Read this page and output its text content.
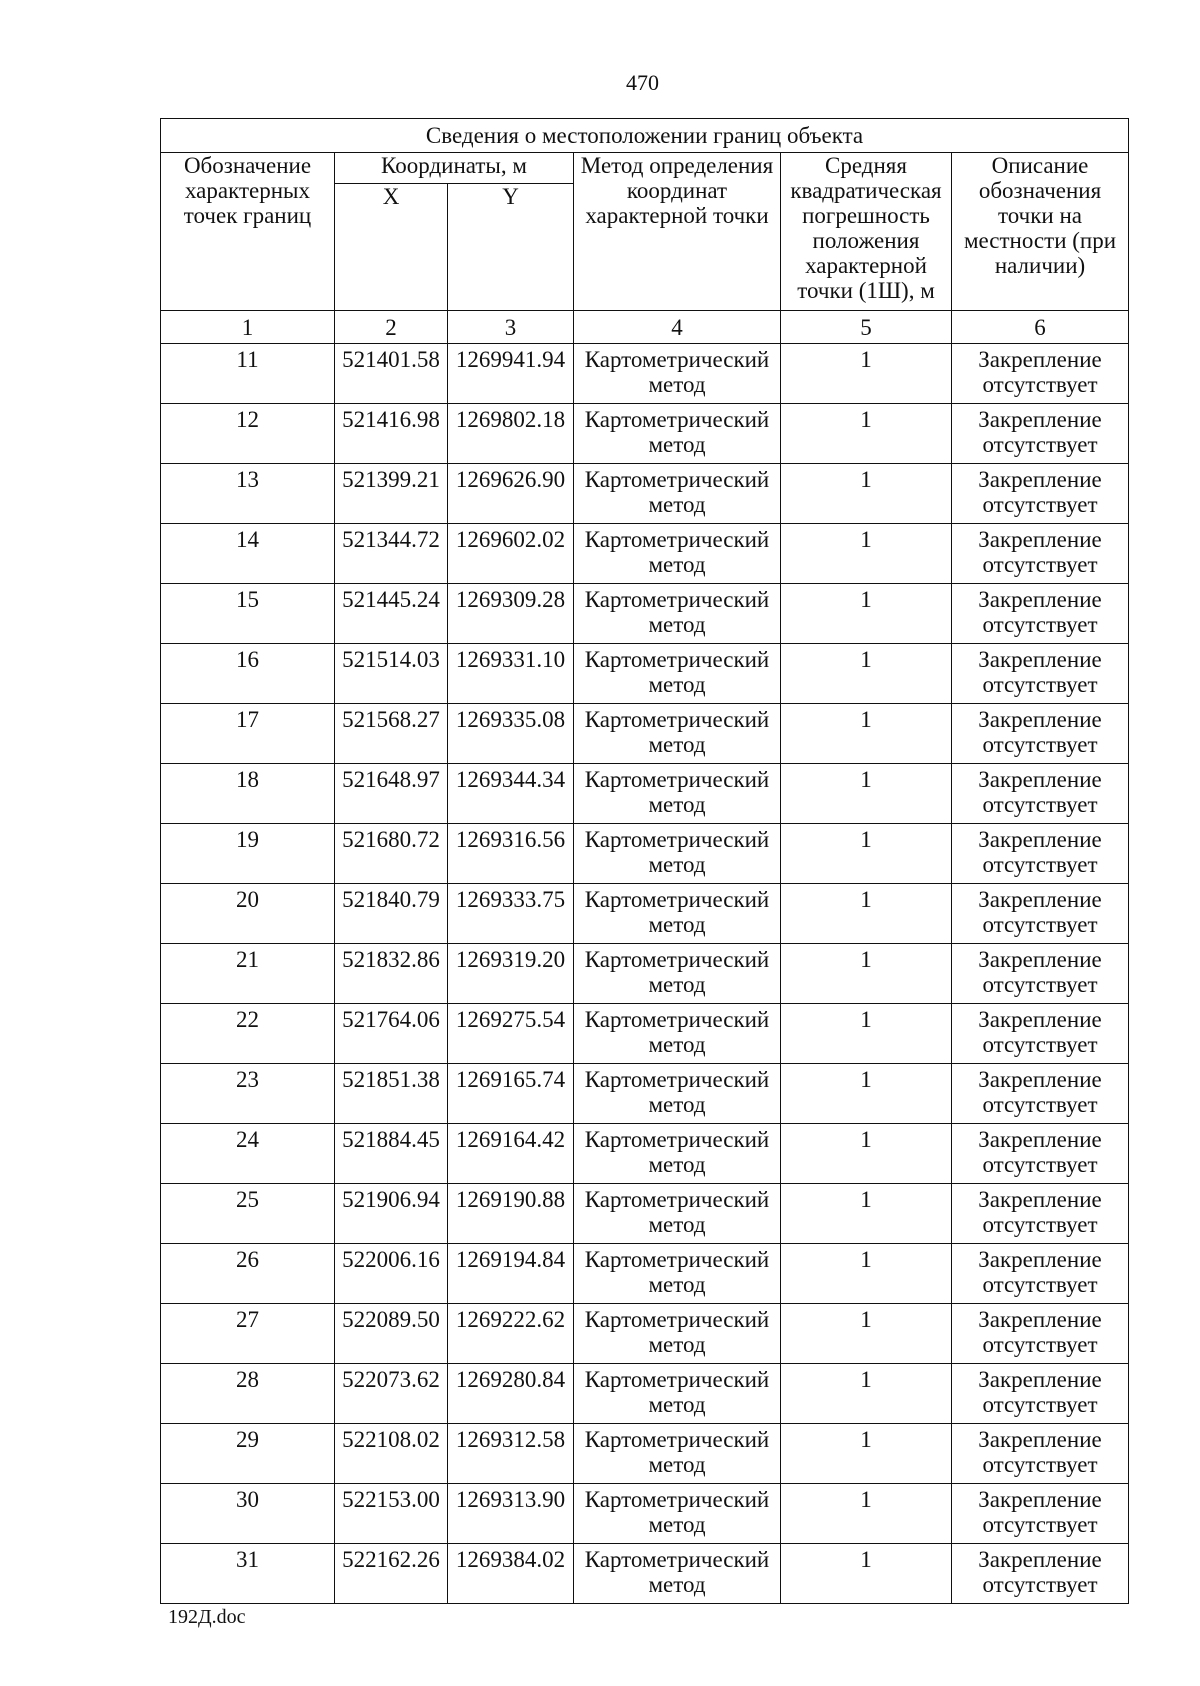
470
Сведения о местоположении границ объекта					
Обозначение характерных точек границ	Координаты, м		Метод определения координат характерной точки	Средняя квадратическая погрешность положения характерной точки (1Ш), м	Описание обозначения точки на местности (при наличии)
	X	Y			
1	2	3	4	5	6
11	521401.58	1269941.94	Картометрический метод	1	Закрепление отсутствует
12	521416.98	1269802.18	Картометрический метод	1	Закрепление отсутствует
13	521399.21	1269626.90	Картометрический метод	1	Закрепление отсутствует
14	521344.72	1269602.02	Картометрический метод	1	Закрепление отсутствует
15	521445.24	1269309.28	Картометрический метод	1	Закрепление отсутствует
16	521514.03	1269331.10	Картометрический метод	1	Закрепление отсутствует
17	521568.27	1269335.08	Картометрический метод	1	Закрепление отсутствует
18	521648.97	1269344.34	Картометрический метод	1	Закрепление отсутствует
19	521680.72	1269316.56	Картометрический метод	1	Закрепление отсутствует
20	521840.79	1269333.75	Картометрический метод	1	Закрепление отсутствует
21	521832.86	1269319.20	Картометрический метод	1	Закрепление отсутствует
22	521764.06	1269275.54	Картометрический метод	1	Закрепление отсутствует
23	521851.38	1269165.74	Картометрический метод	1	Закрепление отсутствует
24	521884.45	1269164.42	Картометрический метод	1	Закрепление отсутствует
25	521906.94	1269190.88	Картометрический метод	1	Закрепление отсутствует
26	522006.16	1269194.84	Картометрический метод	1	Закрепление отсутствует
27	522089.50	1269222.62	Картометрический метод	1	Закрепление отсутствует
28	522073.62	1269280.84	Картометрический метод	1	Закрепление отсутствует
29	522108.02	1269312.58	Картометрический метод	1	Закрепление отсутствует
30	522153.00	1269313.90	Картометрический метод	1	Закрепление отсутствует
31	522162.26	1269384.02	Картометрический метод	1	Закрепление отсутствует
192Д.doc
